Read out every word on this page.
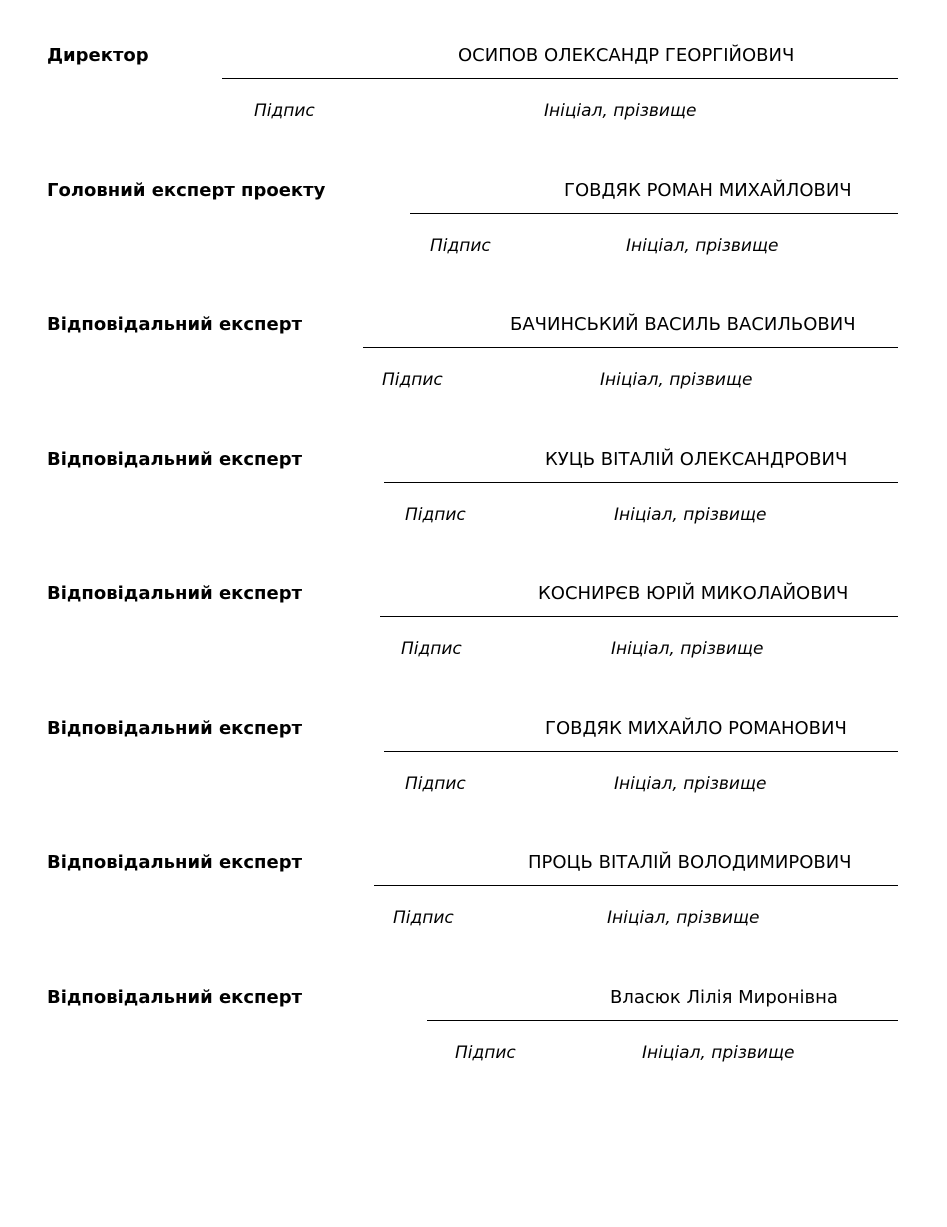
Директор	ОСИПОВ ОЛЕКСАНДР ГЕОРГІЙОВИЧ
Підпис	Ініціал, прізвище
Головний експерт проекту	ГОВДЯК РОМАН МИХАЙЛОВИЧ
Підпис	Ініціал, прізвище
Відповідальний експерт	БАЧИНСЬКИЙ ВАСИЛЬ ВАСИЛЬОВИЧ
Підпис	Ініціал, прізвище
Відповідальний експерт	КУЦЬ ВІТАЛІЙ ОЛЕКСАНДРОВИЧ
Підпис	Ініціал, прізвище
Відповідальний експерт	КОСНИРЄВ ЮРІЙ МИКОЛАЙОВИЧ
Підпис	Ініціал, прізвище
Відповідальний експерт	ГОВДЯК МИХАЙЛО РОМАНОВИЧ
Підпис	Ініціал, прізвище
Відповідальний експерт	ПРОЦЬ ВІТАЛІЙ ВОЛОДИМИРОВИЧ
Підпис	Ініціал, прізвище
Відповідальний експерт	Власюк Лілія Миронівна
Підпис	Ініціал, прізвище
